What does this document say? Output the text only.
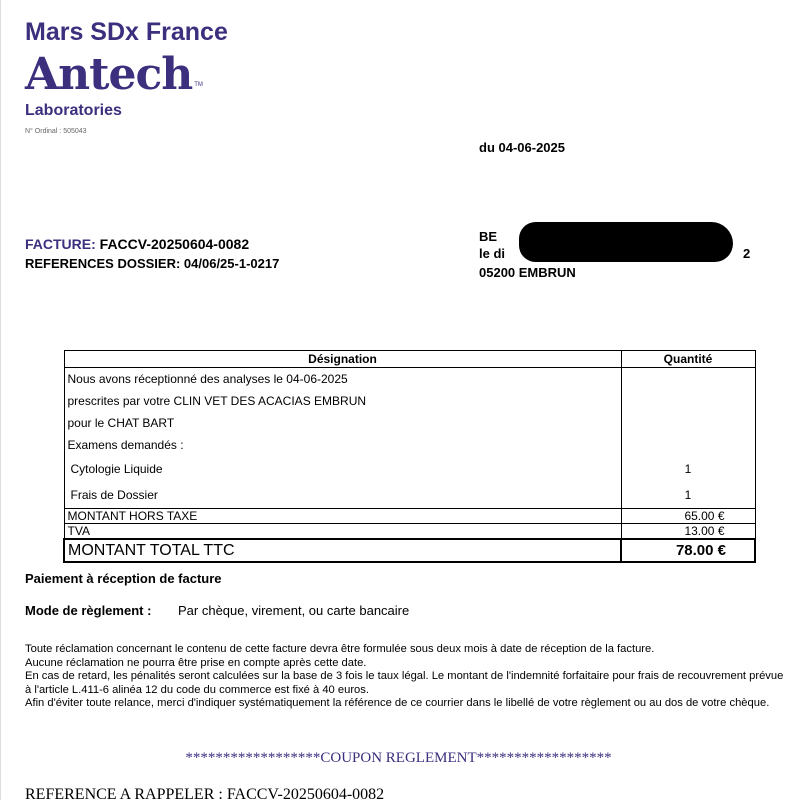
Mars SDx France
Antech TM
Laboratories
N° Ordinal : 505043
du 04-06-2025
FACTURE: FACCV-20250604-0082
REFERENCES DOSSIER: 04/06/25-1-0217
BE
le di	2
05200 EMBRUN
Désignation	Quantité
Nous avons réceptionné des analyses le 04-06-2025	
prescrites par votre CLIN VET DES ACACIAS EMBRUN	
pour le CHAT BART	
Examens demandés :	
Cytologie Liquide	1
Frais de Dossier	1
MONTANT HORS TAXE	65.00 €
TVA	13.00 €
MONTANT TOTAL TTC	78.00 €
Paiement à réception de facture
Mode de règlement : Par chèque, virement, ou carte bancaire
Toute réclamation concernant le contenu de cette facture devra être formulée sous deux mois à date de réception de la facture.
Aucune réclamation ne pourra être prise en compte après cette date.
En cas de retard, les pénalités seront calculées sur la base de 3 fois le taux légal. Le montant de l'indemnité forfaitaire pour frais de recouvrement prévue à l'article L.411-6 alinéa 12 du code du commerce est fixé à 40 euros.
Afin d'éviter toute relance, merci d'indiquer systématiquement la référence de ce courrier dans le libellé de votre règlement ou au dos de votre chèque.
******************COUPON REGLEMENT******************
REFERENCE A RAPPELER : FACCV-20250604-0082
